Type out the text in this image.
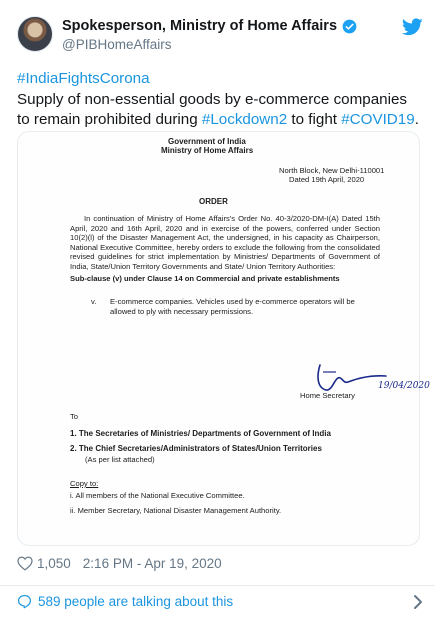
Spokesperson, Ministry of Home Affairs
@PIBHomeAffairs
#IndiaFightsCorona
Supply of non-essential goods by e-commerce companies to remain prohibited during #Lockdown2 to fight #COVID19.
Government of India
Ministry of Home Affairs
North Block, New Delhi-110001
Dated 19th April, 2020
ORDER
In continuation of Ministry of Home Affairs's Order No. 40-3/2020-DM-I(A) Dated 15th April, 2020 and 16th April, 2020 and in exercise of the powers, conferred under Section 10(2)(l) of the Disaster Management Act, the undersigned, in his capacity as Chairperson, National Executive Committee, hereby orders to exclude the following from the consolidated revised guidelines for strict implementation by Ministries/ Departments of Government of India, State/Union Territory Governments and State/ Union Territory Authorities:
Sub-clause (v) under Clause 14 on Commercial and private establishments
v. E-commerce companies. Vehicles used by e-commerce operators will be allowed to ply with necessary permissions.
19/04/2020
Home Secretary
To
1. The Secretaries of Ministries/ Departments of Government of India
2. The Chief Secretaries/Administrators of States/Union Territories
(As per list attached)
Copy to:
i. All members of the National Executive Committee.
ii. Member Secretary, National Disaster Management Authority.
1,050 2:16 PM - Apr 19, 2020
589 people are talking about this
